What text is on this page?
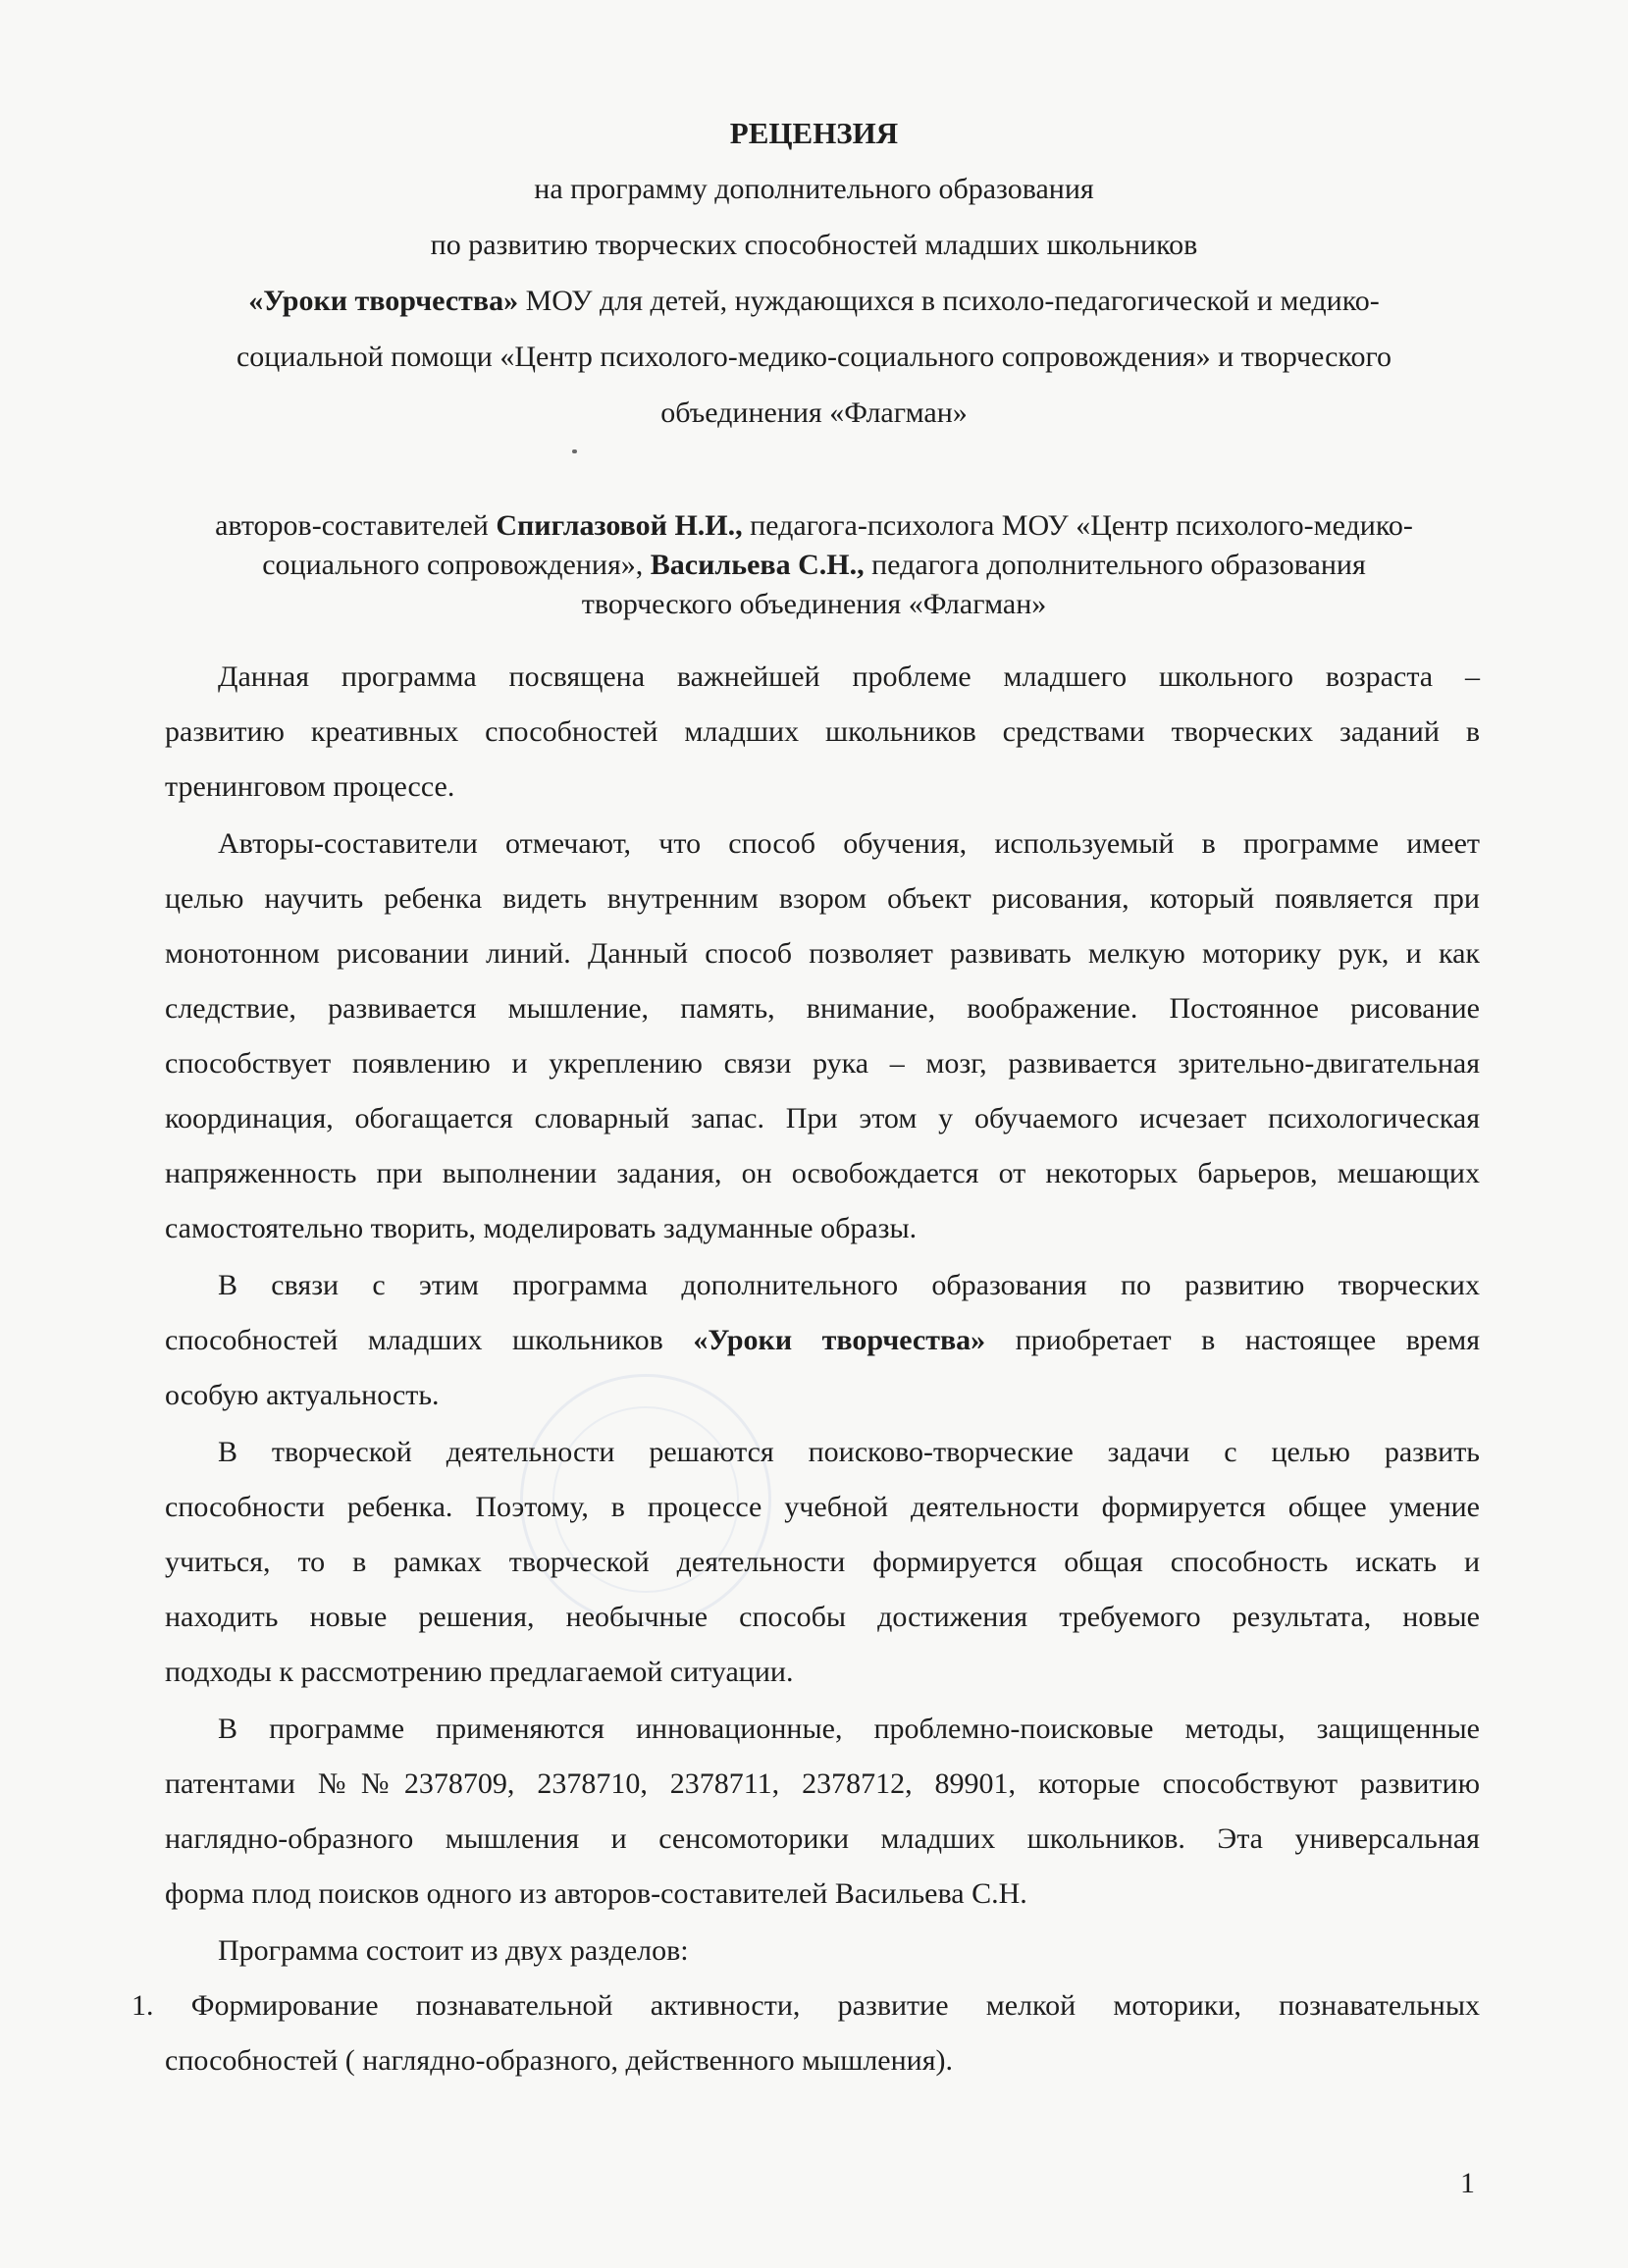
РЕЦЕНЗИЯ
на программу дополнительного образования
по развитию творческих способностей младших школьников
«Уроки творчества» МОУ для детей, нуждающихся в психоло-педагогической и медико-
социальной помощи «Центр психолого-медико-социального сопровождения» и творческого
объединения «Флагман»
авторов-составителей Спиглазовой Н.И., педагога-психолога МОУ «Центр психолого-медико-
социального сопровождения», Васильева С.Н., педагога дополнительного образования
творческого объединения «Флагман»
Данная программа посвящена важнейшей проблеме младшего школьного возраста –
развитию креативных способностей младших школьников средствами творческих заданий в
тренинговом процессе.
Авторы-составители отмечают, что способ обучения, используемый в программе имеет
целью научить ребенка видеть внутренним взором объект рисования, который появляется при
монотонном рисовании линий. Данный способ позволяет развивать мелкую моторику рук, и как
следствие, развивается мышление, память, внимание, воображение. Постоянное рисование
способствует появлению и укреплению связи рука – мозг, развивается зрительно-двигательная
координация, обогащается словарный запас. При этом у обучаемого исчезает психологическая
напряженность при выполнении задания, он освобождается от некоторых барьеров, мешающих
самостоятельно творить, моделировать задуманные образы.
В связи с этим программа дополнительного образования по развитию творческих
способностей младших школьников «Уроки творчества» приобретает в настоящее время
особую актуальность.
В творческой деятельности решаются поисково-творческие задачи с целью развить
способности ребенка. Поэтому, в процессе учебной деятельности формируется общее умение
учиться, то в рамках творческой деятельности формируется общая способность искать и
находить новые решения, необычные способы достижения требуемого результата, новые
подходы к рассмотрению предлагаемой ситуации.
В программе применяются инновационные, проблемно-поисковые методы, защищенные
патентами №№2378709, 2378710, 2378711, 2378712, 89901, которые способствуют развитию
наглядно-образного мышления и сенсомоторики младших школьников. Эта универсальная
форма плод поисков одного из авторов-составителей Васильева С.Н.
Программа состоит из двух разделов:
1. Формирование познавательной активности, развитие мелкой моторики, познавательных
способностей ( наглядно-образного, действенного мышления).
1
